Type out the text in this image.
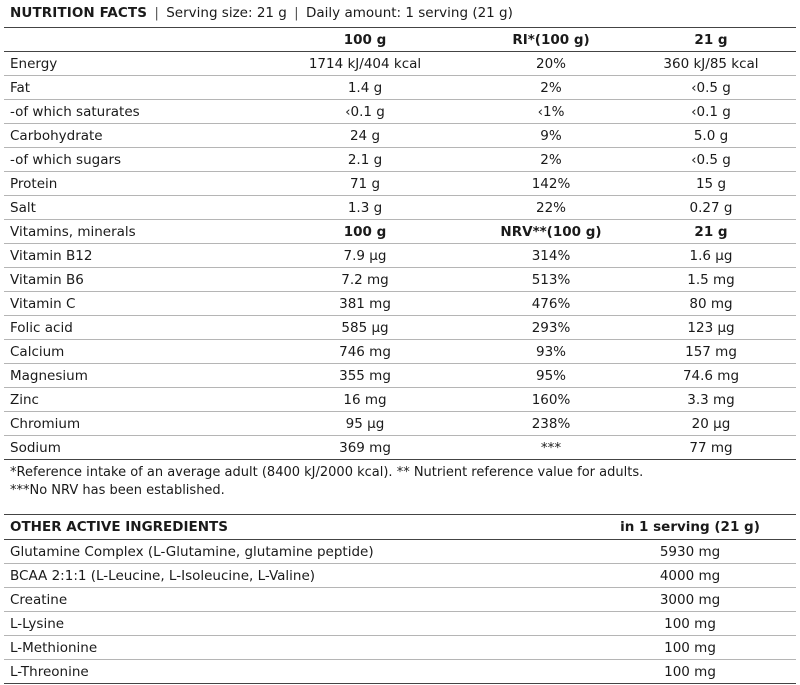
NUTRITION FACTS | Serving size: 21 g | Daily amount: 1 serving (21 g)
	100 g	RI*(100 g)	21 g
Energy	1714 kJ/404 kcal	20%	360 kJ/85 kcal
Fat	1.4 g	2%	‹0.5 g
-of which saturates	‹0.1 g	‹1%	‹0.1 g
Carbohydrate	24 g	9%	5.0 g
-of which sugars	2.1 g	2%	‹0.5 g
Protein	71 g	142%	15 g
Salt	1.3 g	22%	0.27 g
Vitamins, minerals	100 g	NRV**(100 g)	21 g
Vitamin B12	7.9 µg	314%	1.6 µg
Vitamin B6	7.2 mg	513%	1.5 mg
Vitamin C	381 mg	476%	80 mg
Folic acid	585 µg	293%	123 µg
Calcium	746 mg	93%	157 mg
Magnesium	355 mg	95%	74.6 mg
Zinc	16 mg	160%	3.3 mg
Chromium	95 µg	238%	20 µg
Sodium	369 mg	***	77 mg
*Reference intake of an average adult (8400 kJ/2000 kcal). ** Nutrient reference value for adults.
***No NRV has been established.
OTHER ACTIVE INGREDIENTS	in 1 serving (21 g)
Glutamine Complex (L-Glutamine, glutamine peptide)	5930 mg
BCAA 2:1:1 (L-Leucine, L-Isoleucine, L-Valine)	4000 mg
Creatine	3000 mg
L-Lysine	100 mg
L-Methionine	100 mg
L-Threonine	100 mg
